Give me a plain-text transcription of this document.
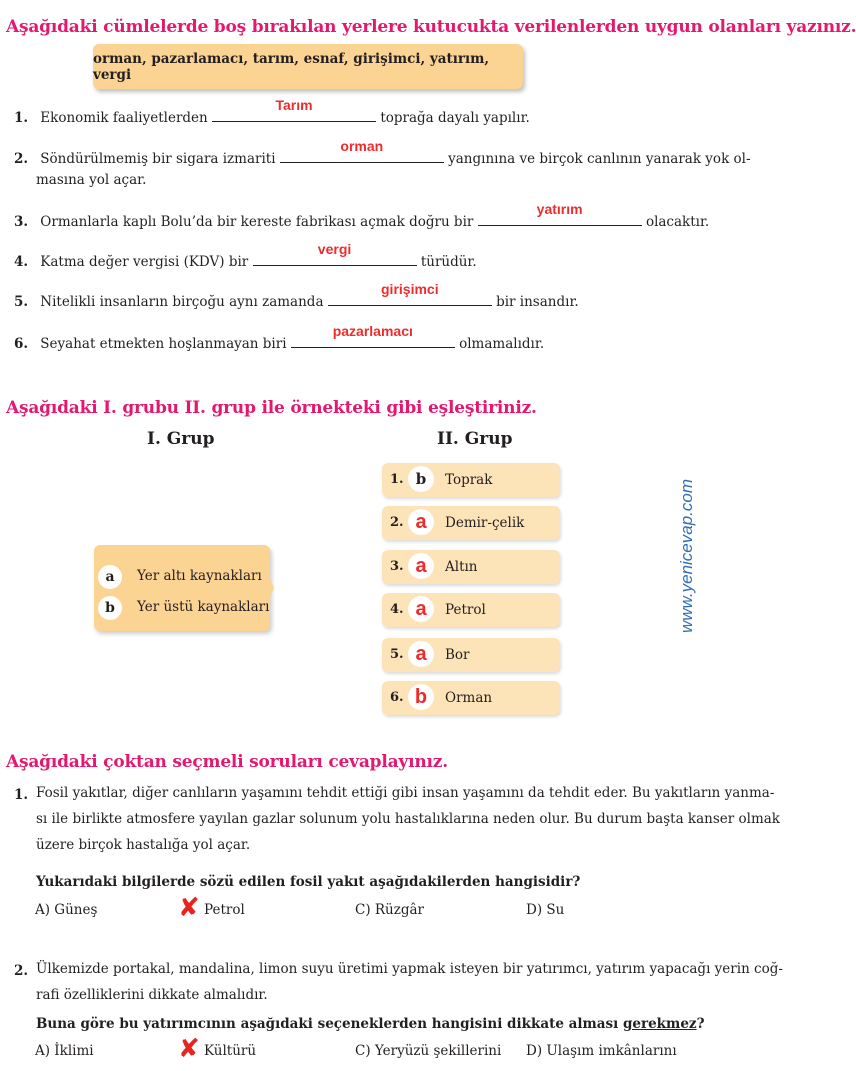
Aşağıdaki cümlelerde boş bırakılan yerlere kutucukta verilenlerden uygun olanları yazınız.
orman, pazarlamacı, tarım, esnaf, girişimci, yatırım, vergi
1. Ekonomik faaliyetlerden
Tarım
toprağa dayalı yapılır.
2. Söndürülmemiş bir sigara izmariti
orman
yangınına ve birçok canlının yanarak yok ol-
masına yol açar.
3. Ormanlarla kaplı Bolu’da bir kereste fabrikası açmak doğru bir
yatırım
olacaktır.
4. Katma değer vergisi (KDV) bir
vergi
türüdür.
5. Nitelikli insanların birçoğu aynı zamanda
girişimci
bir insandır.
6. Seyahat etmekten hoşlanmayan biri
pazarlamacı
olmamalıdır.
Aşağıdaki I. grubu II. grup ile örnekteki gibi eşleştiriniz.
I. Grup	II. Grup
a	Yer altı kaynakları
b	Yer üstü kaynakları
1. b	Toprak
2. a	Demir-çelik
3. a	Altın
4. a	Petrol
5. a	Bor
6. b	Orman
www.yenicevap.com
Aşağıdaki çoktan seçmeli soruları cevaplayınız.
1. Fosil yakıtlar, diğer canlıların yaşamını tehdit ettiği gibi insan yaşamını da tehdit eder. Bu yakıtların yanma-
sı ile birlikte atmosfere yayılan gazlar solunum yolu hastalıklarına neden olur. Bu durum başta kanser olmak
üzere birçok hastalığa yol açar.
Yukarıdaki bilgilerde sözü edilen fosil yakıt aşağıdakilerden hangisidir?
A) Güneş	Petrol
✘	C) Rüzgâr	D) Su
2. Ülkemizde portakal, mandalina, limon suyu üretimi yapmak isteyen bir yatırımcı, yatırım yapacağı yerin coğ-
rafi özelliklerini dikkate almalıdır.
Buna göre bu yatırımcının aşağıdaki seçeneklerden hangisini dikkate alması gerekmez?
A) İklimi	Kültürü
✘	C) Yeryüzü şekillerini D) Ulaşım imkânlarını
